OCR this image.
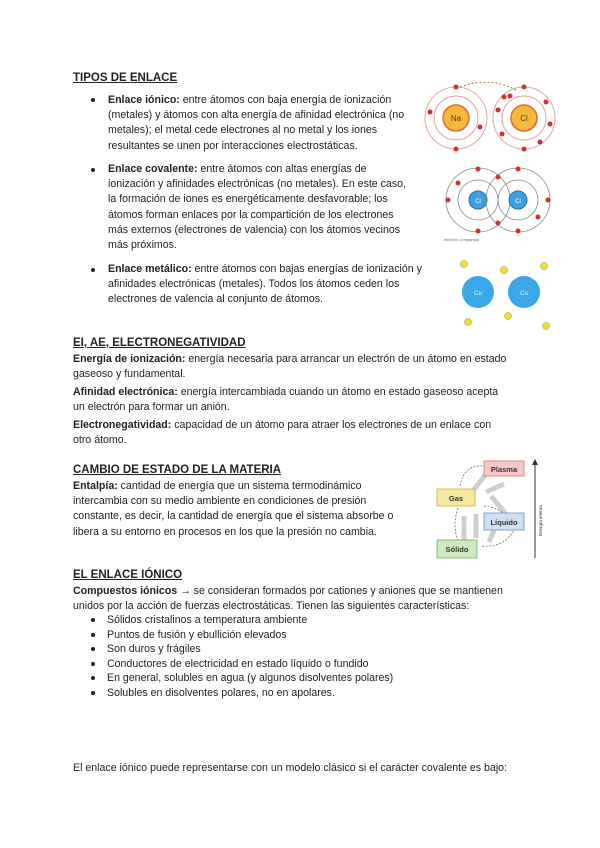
TIPOS DE ENLACE
Enlace iónico: entre átomos con baja energía de ionización
(metales) y átomos con alta energía de afinidad electrónica (no
metales); el metal cede electrones al no metal y los iones
resultantes se unen por interacciones electrostáticas.
Enlace covalente: entre átomos con altas energías de
ionización y afinidades electrónicas (no metales). En este caso,
la formación de iones es energéticamente desfavorable; los
átomos forman enlaces por la compartición de los electrones
más externos (electrones de valencia) con los átomos vecinos
más próximos.
Enlace metálico: entre átomos con bajas energías de ionización y
afinidades electrónicas (metales). Todos los átomos ceden los
electrones de valencia al conjunto de átomos.
Na	Cl
Cl	Cl
electrón compartido
Cu	Cu
EI, AE, ELECTRONEGATIVIDAD
Energía de ionización: energía necesaria para arrancar un electrón de un átomo en estado
gaseoso y fundamental.
Afinidad electrónica: energía intercambiada cuando un átomo en estado gaseoso acepta
un electrón para formar un anión.
Electronegatividad: capacidad de un átomo para atraer los electrones de un enlace con
otro átomo.
CAMBIO DE ESTADO DE LA MATERIA
Entalpía: cantidad de energía que un sistema termodinámico
intercambia con su medio ambiente en condiciones de presión
constante, es decir, la cantidad de energía que el sistema absorbe o
libera a su entorno en procesos en los que la presión no cambia.
Plasma
Gas
Líquido
Sólido
Energía interna
EL ENLACE IÓNICO
Compuestos iónicos → se consideran formados por cationes y aniones que se mantienen
unidos por la acción de fuerzas electrostáticas. Tienen las siguientes características:
Sólidos cristalinos a temperatura ambiente
Puntos de fusión y ebullición elevados
Son duros y frágiles
Conductores de electricidad en estado líquido o fundido
En general, solubles en agua (y algunos disolventes polares)
Solubles en disolventes polares, no en apolares.
El enlace iónico puede representarse con un modelo clásico si el carácter covalente es bajo:
